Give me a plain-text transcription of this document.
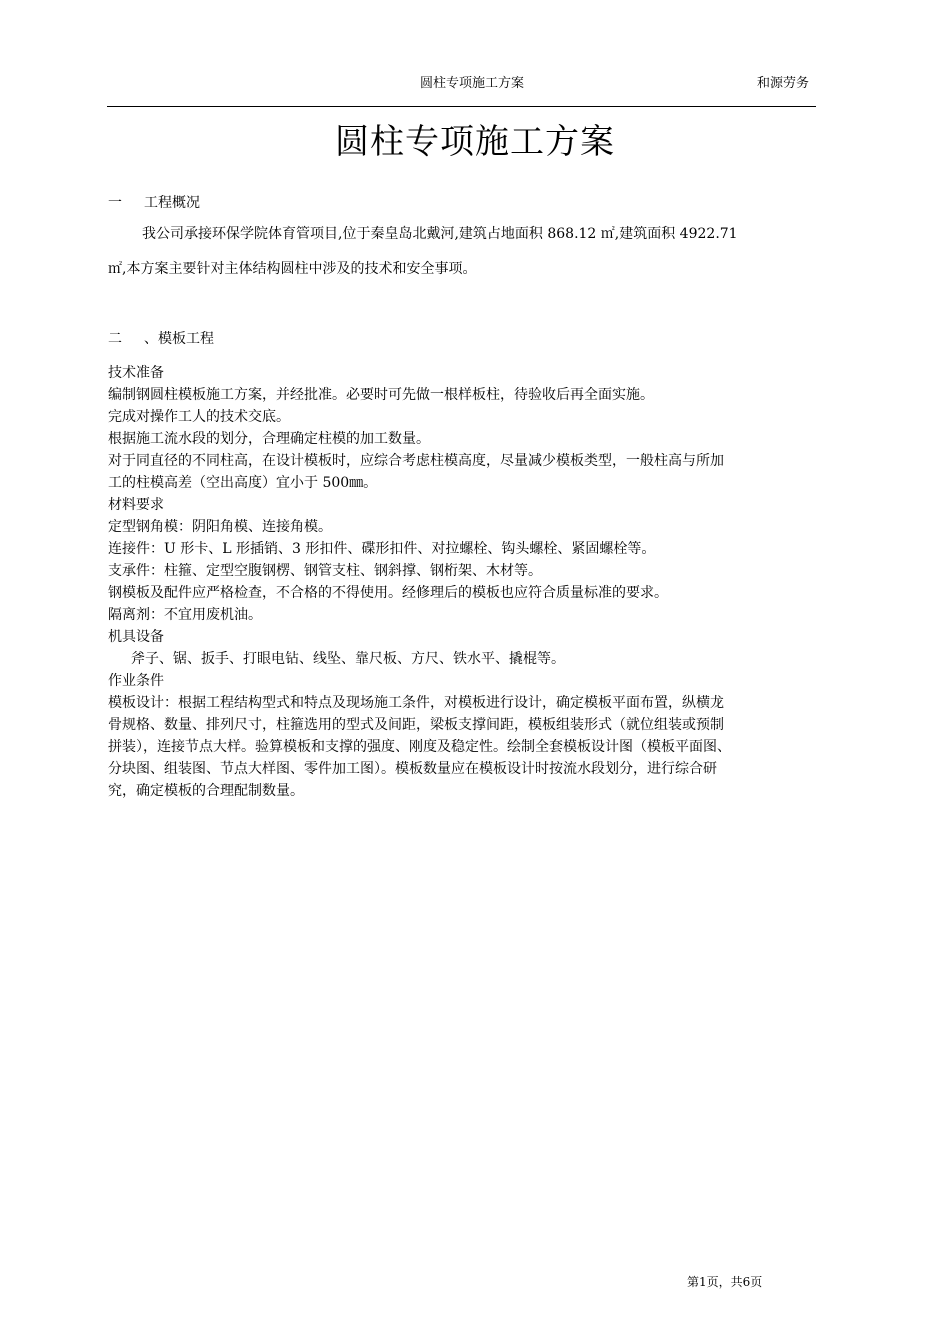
圆柱专项施工方案	和源劳务
圆柱专项施工方案
一 工程概况
我公司承接环保学院体育管项目,位于秦皇岛北戴河,建筑占地面积 868.12 ㎡,建筑面积 4922.71
㎡,本方案主要针对主体结构圆柱中涉及的技术和安全事项。
二 、模板工程
技术准备
编制钢圆柱模板施工方案，并经批准。必要时可先做一根样板柱，待验收后再全面实施。
完成对操作工人的技术交底。
根据施工流水段的划分，合理确定柱模的加工数量。
对于同直径的不同柱高，在设计模板时，应综合考虑柱模高度，尽量减少模板类型，一般柱高与所加
工的柱模高差（空出高度）宜小于 500㎜。
材料要求
定型钢角模：阴阳角模、连接角模。
连接件：U 形卡、L 形插销、3 形扣件、碟形扣件、对拉螺栓、钩头螺栓、紧固螺栓等。
支承件：柱箍、定型空腹钢楞、钢管支柱、钢斜撑、钢桁架、木材等。
钢模板及配件应严格检查，不合格的不得使用。经修理后的模板也应符合质量标准的要求。
隔离剂：不宜用废机油。
机具设备
斧子、锯、扳手、打眼电钻、线坠、靠尺板、方尺、铁水平、撬棍等。
作业条件
模板设计：根据工程结构型式和特点及现场施工条件，对模板进行设计，确定模板平面布置，纵横龙
骨规格、数量、排列尺寸，柱箍选用的型式及间距，梁板支撑间距，模板组装形式（就位组装或预制
拼装），连接节点大样。验算模板和支撑的强度、刚度及稳定性。绘制全套模板设计图（模板平面图、
分块图、组装图、节点大样图、零件加工图）。模板数量应在模板设计时按流水段划分，进行综合研
究，确定模板的合理配制数量。
第1页，共6页
